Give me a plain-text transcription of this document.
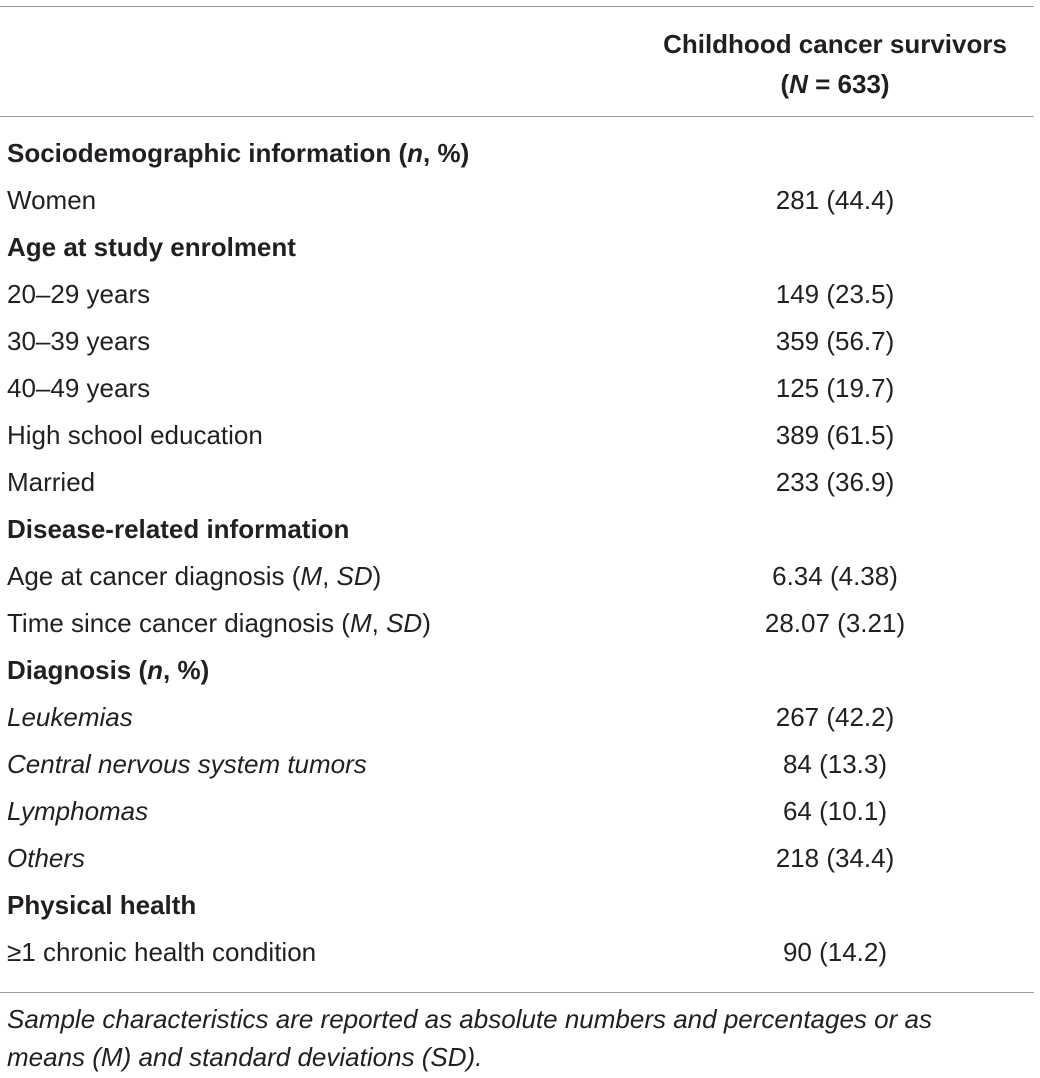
Childhood cancer survivors
(N = 633)
Sociodemographic information (n, %)
Women	281 (44.4)
Age at study enrolment
20–29 years	149 (23.5)
30–39 years	359 (56.7)
40–49 years	125 (19.7)
High school education	389 (61.5)
Married	233 (36.9)
Disease-related information
Age at cancer diagnosis (M, SD)	6.34 (4.38)
Time since cancer diagnosis (M, SD)	28.07 (3.21)
Diagnosis (n, %)
Leukemias	267 (42.2)
Central nervous system tumors	84 (13.3)
Lymphomas	64 (10.1)
Others	218 (34.4)
Physical health
≥1 chronic health condition	90 (14.2)
Sample characteristics are reported as absolute numbers and percentages or as
means (M) and standard deviations (SD).
